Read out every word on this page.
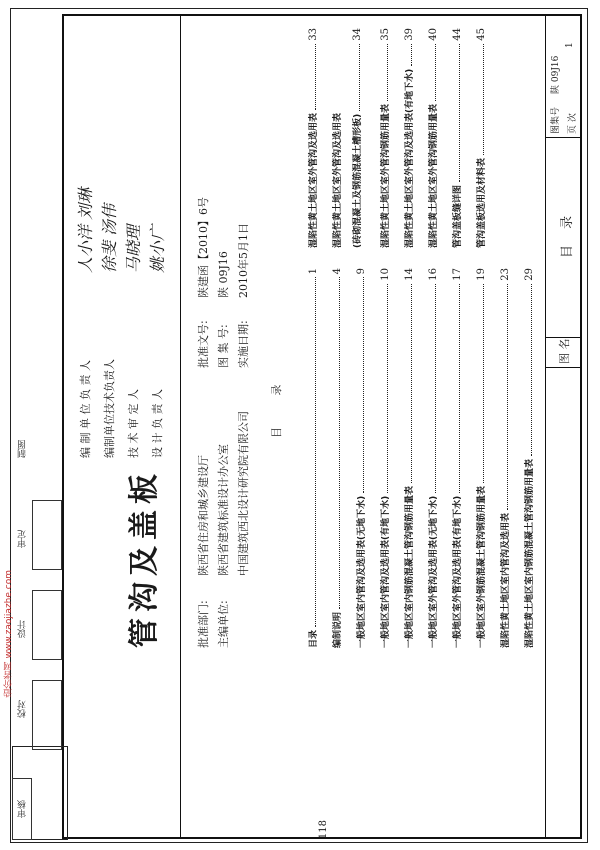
造价者网 www.zaojiazhe.com
审核
校对
设计
审定
制图
118
编 制 单 位 负 责 人
人小洋 刘琳
编制单位技术负责人
徐斐 汤伟
技 术 审 定 人
马晓理
设 计 负 责 人
姚小广
管沟及盖板	批准部门:
陕西省住房和城乡建设厅
主编单位:
陕西省建筑标准设计办公室 中国建筑西北设计研究院有限公司
批准文号:
陕建函【2010】6号
图 集 号:
陕 09J16
实施日期:
2010年5月1日
目 录
目录
1
编制说明
4
一般地区室内管沟及选用表(无地下水)
9
一般地区室内管沟及选用表(有地下水)
10
一般地区室内钢筋混凝土管沟钢筋用量表
14
一般地区室外管沟及选用表(无地下水)
16
一般地区室外管沟及选用表(有地下水)
17
一般地区室外钢筋混凝土管沟钢筋用量表
19
湿陷性黄土地区室内管沟及选用表
23
湿陷性黄土地区室内钢筋混凝土管沟钢筋用量表
29
湿陷性黄土地区室外管沟及选用表
33
湿陷性黄土地区室外管沟及选用表	(砖砌混凝土及钢筋混凝土槽形板)
34
湿陷性黄土地区室外管沟钢筋用量表
35
湿陷性黄土地区室外管沟及选用表(有地下水)
39
湿陷性黄土地区室外管沟钢筋用量表
40
管沟盖板缝详图
44
管沟盖板选用及材料表
45
图 名
目 录
图集号
陕 09J16
页 次
1
